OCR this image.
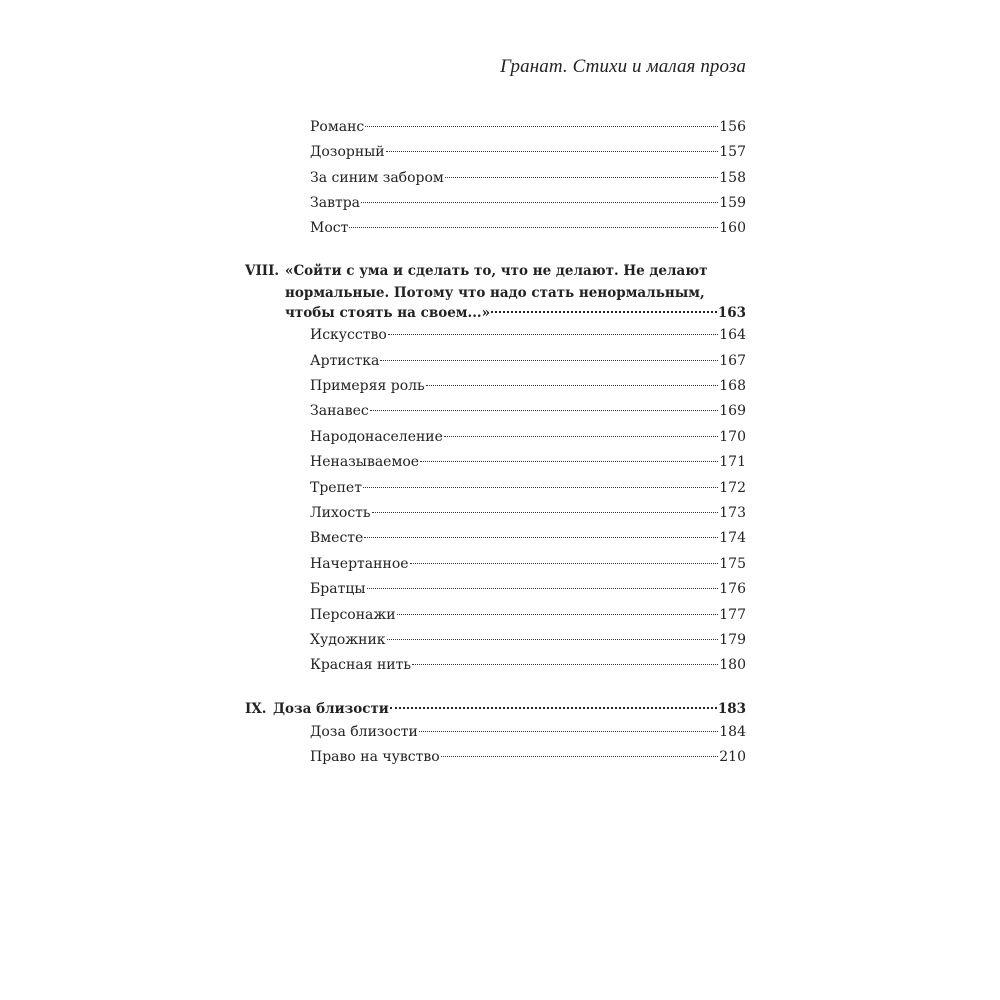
Гранат. Стихи и малая проза
Романс	156
Дозорный	157
За синим забором	158
Завтра	159
Мост	160
VIII. «Сойти с ума и сделать то, что не делают. Не делают
нормальные. Потому что надо стать ненормальным,
чтобы стоять на своем...»	163
Искусство	164
Артистка	167
Примеряя роль	168
Занавес	169
Народонаселение	170
Неназываемое	171
Трепет	172
Лихость	173
Вместе	174
Начертанное	175
Братцы	176
Персонажи	177
Художник	179
Красная нить	180
IX. Доза близости	183
Доза близости	184
Право на чувство	210
